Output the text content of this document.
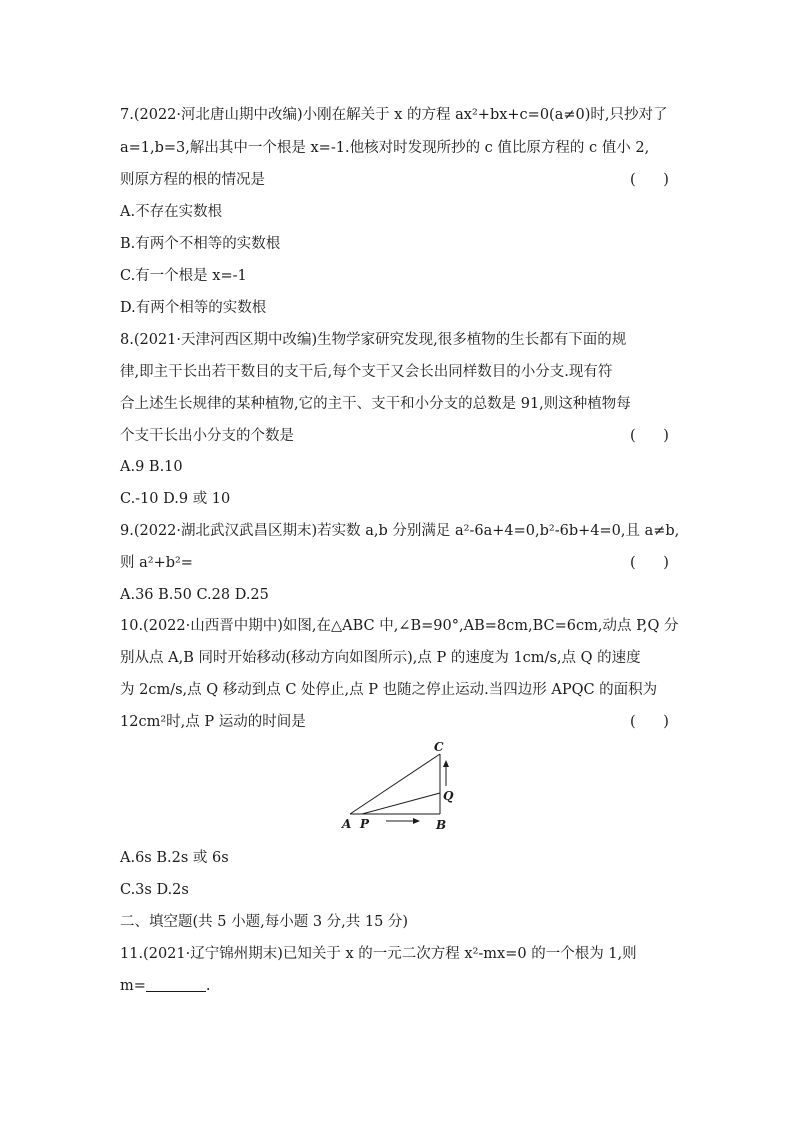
7.(2022·河北唐山期中改编)小刚在解关于 x 的方程 ax²+bx+c=0(a≠0)时,只抄对了
a=1,b=3,解出其中一个根是 x=-1.他核对时发现所抄的 c 值比原方程的 c 值小 2,
则原方程的根的情况是	(      )
A.不存在实数根
B.有两个不相等的实数根
C.有一个根是 x=-1
D.有两个相等的实数根
8.(2021·天津河西区期中改编)生物学家研究发现,很多植物的生长都有下面的规
律,即主干长出若干数目的支干后,每个支干又会长出同样数目的小分支.现有符
合上述生长规律的某种植物,它的主干、支干和小分支的总数是 91,则这种植物每
个支干长出小分支的个数是	(      )
A.9 B.10
C.-10 D.9 或 10
9.(2022·湖北武汉武昌区期末)若实数 a,b 分别满足 a²-6a+4=0,b²-6b+4=0,且 a≠b,
则 a²+b²=	(      )
A.36 B.50 C.28 D.25
10.(2022·山西晋中期中)如图,在△ABC 中,∠B=90°,AB=8cm,BC=6cm,动点 P,Q 分
别从点 A,B 同时开始移动(移动方向如图所示),点 P 的速度为 1cm/s,点 Q 的速度
为 2cm/s,点 Q 移动到点 C 处停止,点 P 也随之停止运动.当四边形 APQC 的面积为
12cm²时,点 P 运动的时间是	(      )
A P	B
C
Q
A.6s B.2s 或 6s
C.3s D.2s
二、填空题(共 5 小题,每小题 3 分,共 15 分)
11.(2021·辽宁锦州期末)已知关于 x 的一元二次方程 x²-mx=0 的一个根为 1,则
m=	.
